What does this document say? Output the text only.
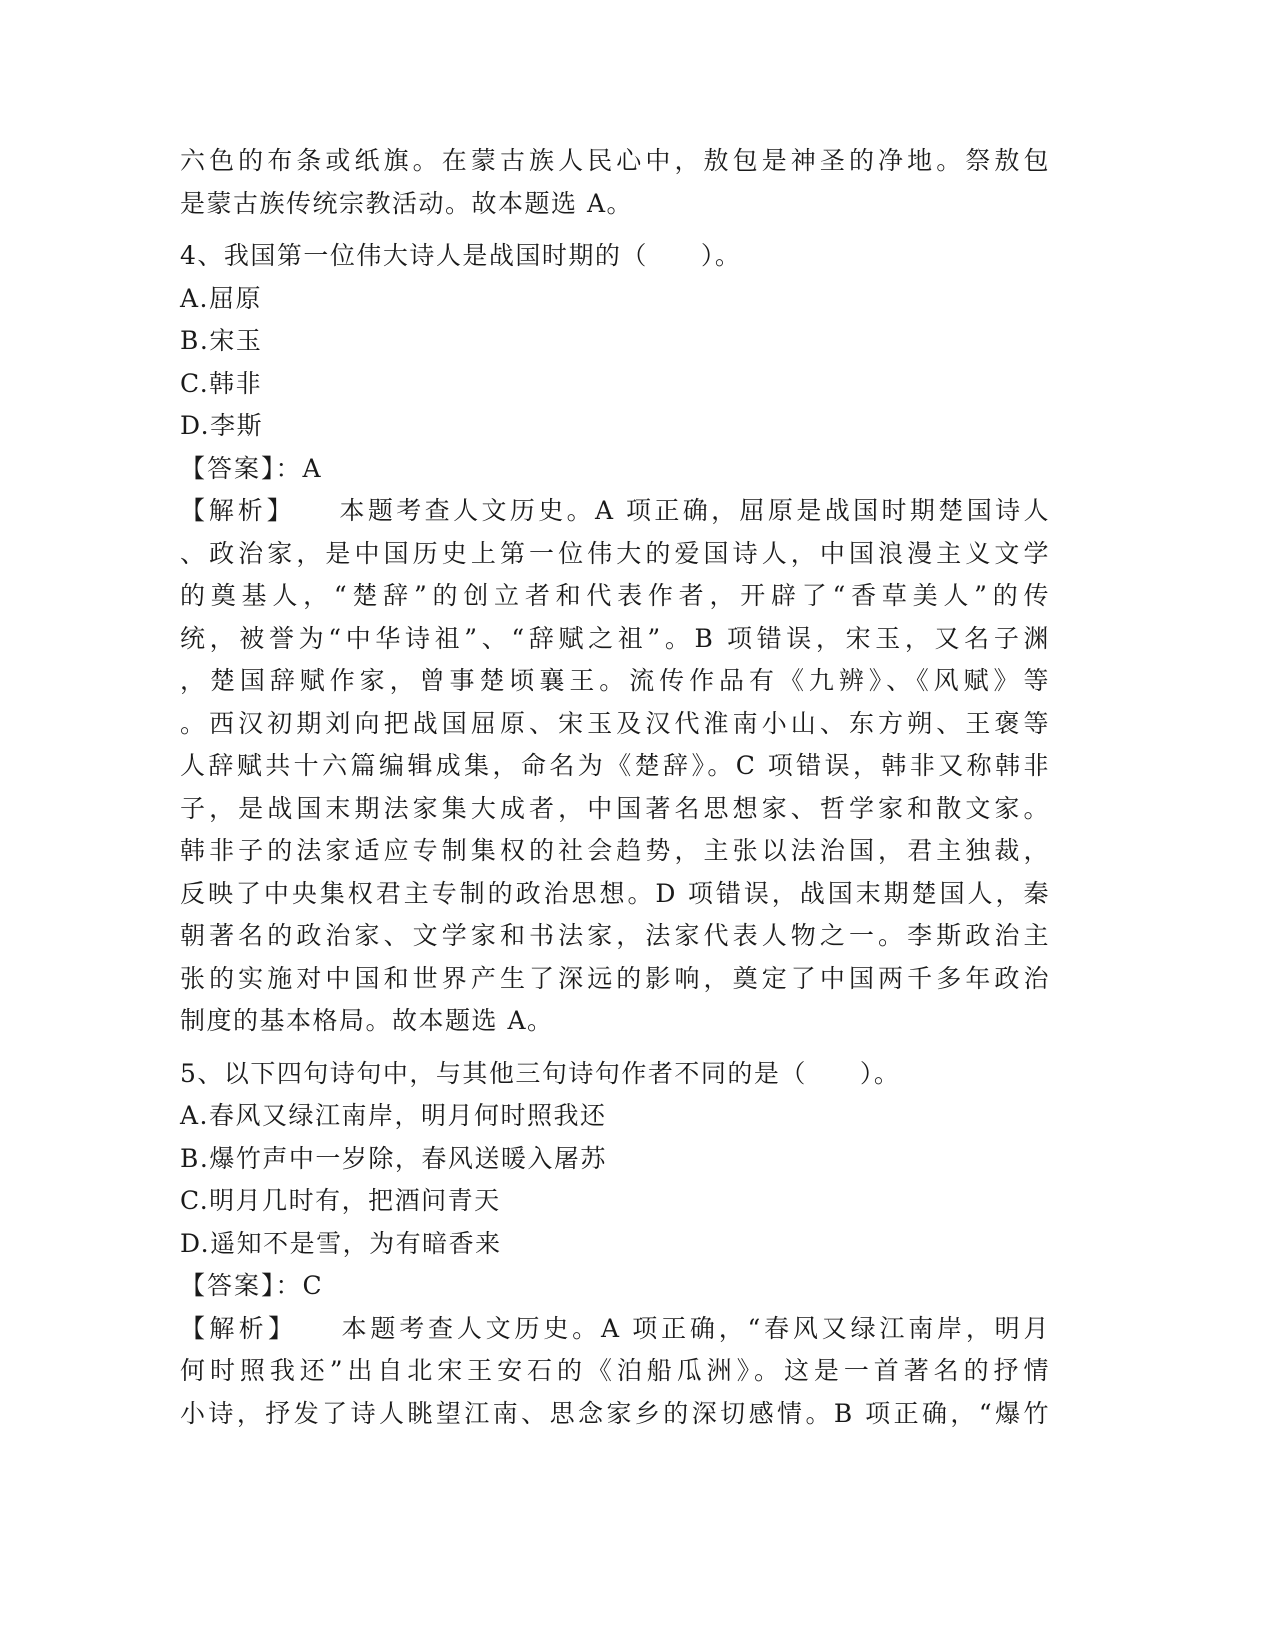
六色的布条或纸旗。在蒙古族人民心中，敖包是神圣的净地。祭敖包

是蒙古族传统宗教活动。故本题选 A。

4、我国第一位伟大诗人是战国时期的（　　）。

A.屈原

B.宋玉

C.韩非

D.李斯

【答案】：A

【解析】 本题考查人文历史。A 项正确，屈原是战国时期楚国诗人

、政治家，是中国历史上第一位伟大的爱国诗人，中国浪漫主义文学

的奠基人，“楚辞”的创立者和代表作者，开辟了“香草美人”的传

统，被誉为“中华诗祖”、“辞赋之祖”。B 项错误，宋玉，又名子渊

，楚国辞赋作家，曾事楚顷襄王。流传作品有《九辨》、《风赋》等

。西汉初期刘向把战国屈原、宋玉及汉代淮南小山、东方朔、王褒等

人辞赋共十六篇编辑成集，命名为《楚辞》。C 项错误，韩非又称韩非

子，是战国末期法家集大成者，中国著名思想家、哲学家和散文家。

韩非子的法家适应专制集权的社会趋势，主张以法治国，君主独裁，

反映了中央集权君主专制的政治思想。D 项错误，战国末期楚国人，秦

朝著名的政治家、文学家和书法家，法家代表人物之一。李斯政治主

张的实施对中国和世界产生了深远的影响，奠定了中国两千多年政治

制度的基本格局。故本题选 A。

5、以下四句诗句中，与其他三句诗句作者不同的是（　　）。

A.春风又绿江南岸，明月何时照我还

B.爆竹声中一岁除，春风送暖入屠苏

C.明月几时有，把酒问青天

D.遥知不是雪，为有暗香来

【答案】：C

【解析】 本题考查人文历史。A 项正确，“春风又绿江南岸，明月

何时照我还”出自北宋王安石的《泊船瓜洲》。这是一首著名的抒情

小诗，抒发了诗人眺望江南、思念家乡的深切感情。B 项正确，“爆竹
